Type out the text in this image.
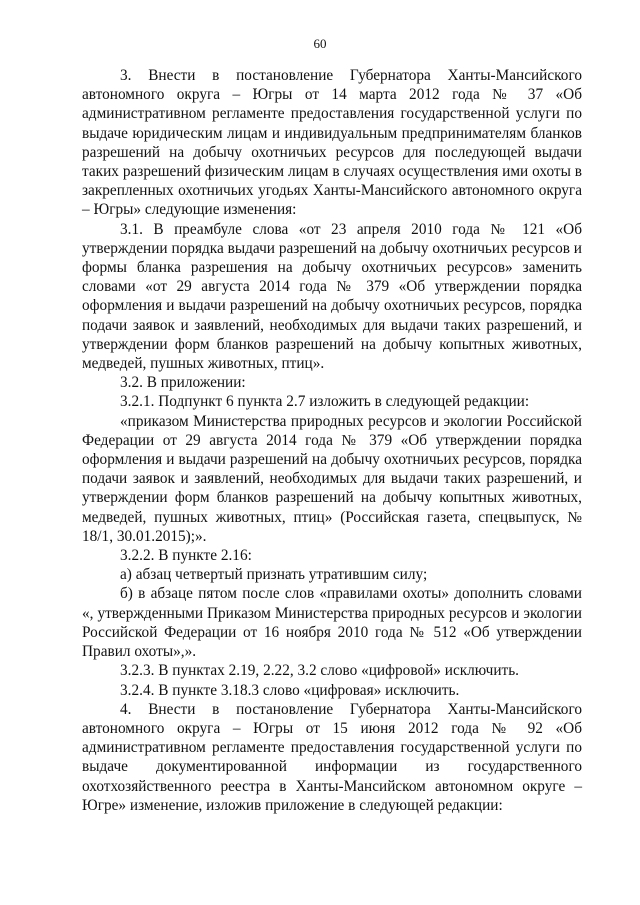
60

3. Внести в постановление Губернатора Ханты-Мансийского автономного округа – Югры от 14 марта 2012 года № 37 «Об административном регламенте предоставления государственной услуги по выдаче юридическим лицам и индивидуальным предпринимателям бланков разрешений на добычу охотничьих ресурсов для последующей выдачи таких разрешений физическим лицам в случаях осуществления ими охоты в закрепленных охотничьих угодьях Ханты-Мансийского автономного округа – Югры» следующие изменения:

3.1. В преамбуле слова «от 23 апреля 2010 года № 121 «Об утверждении порядка выдачи разрешений на добычу охотничьих ресурсов и формы бланка разрешения на добычу охотничьих ресурсов» заменить словами «от 29 августа 2014 года № 379 «Об утверждении порядка оформления и выдачи разрешений на добычу охотничьих ресурсов, порядка подачи заявок и заявлений, необходимых для выдачи таких разрешений, и утверждении форм бланков разрешений на добычу копытных животных, медведей, пушных животных, птиц».

3.2. В приложении:

3.2.1. Подпункт 6 пункта 2.7 изложить в следующей редакции:

«приказом Министерства природных ресурсов и экологии Российской Федерации от 29 августа 2014 года № 379 «Об утверждении порядка оформления и выдачи разрешений на добычу охотничьих ресурсов, порядка подачи заявок и заявлений, необходимых для выдачи таких разрешений, и утверждении форм бланков разрешений на добычу копытных животных, медведей, пушных животных, птиц» (Российская газета, спецвыпуск, № 18/1, 30.01.2015);».

3.2.2. В пункте 2.16:

а) абзац четвертый признать утратившим силу;

б) в абзаце пятом после слов «правилами охоты» дополнить словами «, утвержденными Приказом Министерства природных ресурсов и экологии Российской Федерации от 16 ноября 2010 года № 512 «Об утверждении Правил охоты»,».

3.2.3. В пунктах 2.19, 2.22, 3.2 слово «цифровой» исключить.

3.2.4. В пункте 3.18.3 слово «цифровая» исключить.

4. Внести в постановление Губернатора Ханты-Мансийского автономного округа – Югры от 15 июня 2012 года № 92 «Об административном регламенте предоставления государственной услуги по выдаче документированной информации из государственного охотхозяйственного реестра в Ханты-Мансийском автономном округе – Югре» изменение, изложив приложение в следующей редакции:
